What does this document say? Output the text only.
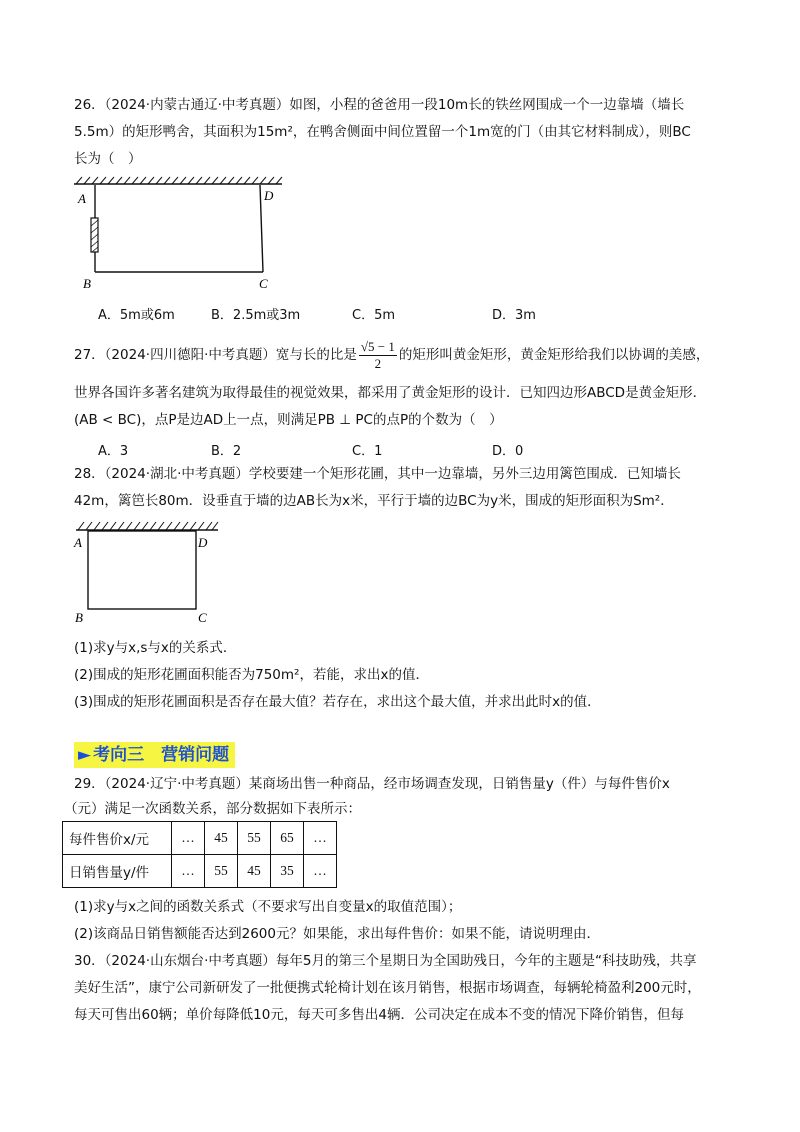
26．（2024·内蒙古通辽·中考真题）如图，小程的爸爸用一段10m长的铁丝网围成一个一边靠墙（墙长
5.5m）的矩形鸭舍，其面积为15m²，在鸭舍侧面中间位置留一个1m宽的门（由其它材料制成），则BC
长为（　）
A	D
B	C
A．5m或6m	B．2.5m或3m	C．5m	D．3m
27．（2024·四川德阳·中考真题）宽与长的比是 $\frac{√5 - 1}{2}$ 的矩形叫黄金矩形，黄金矩形给我们以协调的美感，
世界各国许多著名建筑为取得最佳的视觉效果，都采用了黄金矩形的设计．已知四边形ABCD是黄金矩形．
(AB < BC)，点P是边AD上一点，则满足PB ⊥ PC的点P的个数为（　）
A．3	B．2	C．1	D．0
28．（2024·湖北·中考真题）学校要建一个矩形花圃，其中一边靠墙，另外三边用篱笆围成．已知墙长
42m，篱笆长80m．设垂直于墙的边AB长为x米，平行于墙的边BC为y米，围成的矩形面积为Sm²．
A	D
B	C
(1)求y与x,s与x的关系式．
(2)围成的矩形花圃面积能否为750m²，若能，求出x的值．
(3)围成的矩形花圃面积是否存在最大值？若存在，求出这个最大值，并求出此时x的值．
► 考向三　营销问题
29．（2024·辽宁·中考真题）某商场出售一种商品，经市场调查发现，日销售量y（件）与每件售价x
（元）满足一次函数关系，部分数据如下表所示：
每件售价x/元	…	45	55	65	…
日销售量y/件	…	55	45	35	…
(1)求y与x之间的函数关系式（不要求写出自变量x的取值范围）；
(2)该商品日销售额能否达到2600元？如果能，求出每件售价：如果不能，请说明理由．
30．（2024·山东烟台·中考真题）每年5月的第三个星期日为全国助残日，今年的主题是“科技助残，共享
美好生活”，康宁公司新研发了一批便携式轮椅计划在该月销售，根据市场调查，每辆轮椅盈利200元时，
每天可售出60辆；单价每降低10元，每天可多售出4辆．公司决定在成本不变的情况下降价销售，但每
